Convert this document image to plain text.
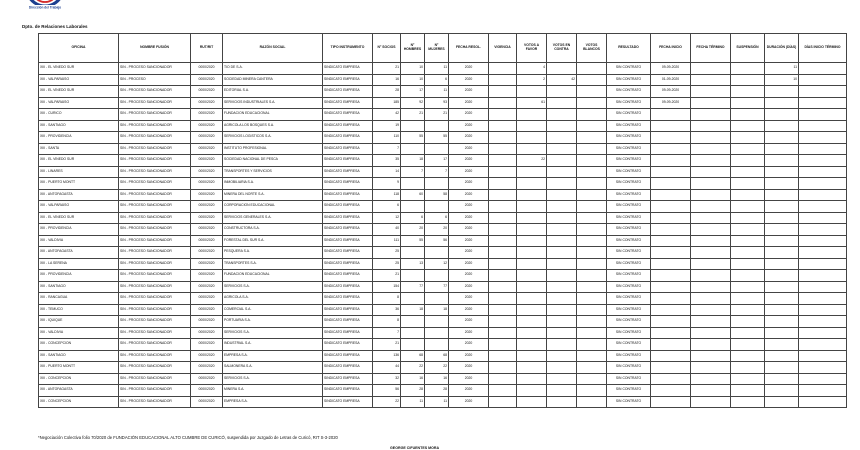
Dirección del Trabajo
Dpto. de Relaciones Laborales
OFICINA	NOMBRE FUSIÓN	RUT/RIT	RAZÓN SOCIAL	TIPO INSTRUMENTO	N° SOCIOS	N° HOMBRES	N° MUJERES	FECHA RESOL.	VIGENCIA	VOTOS A FAVOR	VOTOS EN CONTRA	VOTOS BLANCOS	RESULTADO	FECHA INICIO	FECHA TÉRMINO	SUSPENSIÓN	DURACIÓN (DÍAS)	DÍAS INICIO TÉRMINO
XIII - EL VINEDO SUR	SIN - PROCESO SANCIONADOR	0000/2020	TIO DE S.A.	SINDICATO EMPRESA	21	10	11	2020		4			SIN CONTRATO	09-09-2020			11	
XIII - VALPARAISO	SIN - PROCESO	0000/2020	SOCIEDAD MINERA CANTERA	SINDICATO EMPRESA	16	10	6	2020		2	42		SIN CONTRATO	01-09-2020			10	
XIII - EL VINEDO SUR	SIN - PROCESO SANCIONADOR	0000/2020	EDITORIAL S.A.	SINDICATO EMPRESA	28	17	11	2020					SIN CONTRATO	09-09-2020				
XIII - VALPARAISO	SIN - PROCESO SANCIONADOR	0000/2020	SERVICIOS INDUSTRIALES S.A.	SINDICATO EMPRESA	185	92	93	2020		61			SIN CONTRATO	09-09-2020				
XIII - CURICO	SIN - PROCESO SANCIONADOR	0000/2020	FUNDACION EDUCACIONAL	SINDICATO EMPRESA	42	21	21	2020					SIN CONTRATO					
XIII - SANTIAGO	SIN - PROCESO SANCIONADOR	0000/2020	AGRICOLA LOS BOSQUES S.A.	SINDICATO EMPRESA	19			2020					SIN CONTRATO					
XIII - PROVIDENCIA	SIN - PROCESO SANCIONADOR	0000/2020	SERVICIOS LOGISTICOS S.A.	SINDICATO EMPRESA	110	55	55	2020					SIN CONTRATO					
XIII - SANTA	SIN - PROCESO SANCIONADOR	0000/2020	INSTITUTO PROFESIONAL	SINDICATO EMPRESA	7			2020					SIN CONTRATO					
XIII - EL VINEDO SUR	SIN - PROCESO SANCIONADOR	0000/2020	SOCIEDAD NACIONAL DE PESCA	SINDICATO EMPRESA	35	18	17	2020		22			SIN CONTRATO					
XIII - LINARES	SIN - PROCESO SANCIONADOR	0000/2020	TRANSPORTES Y SERVICIOS	SINDICATO EMPRESA	14	7	7	2020					SIN CONTRATO					
XIII - PUERTO MONTT	SIN - PROCESO SANCIONADOR	0000/2020	INMOBILIARIA S.A.	SINDICATO EMPRESA	9			2020					SIN CONTRATO					
XIII - ANTOFAGASTA	SIN - PROCESO SANCIONADOR	0000/2020	MINERA DEL NORTE S.A.	SINDICATO EMPRESA	118	60	58	2020					SIN CONTRATO					
XIII - VALPARAISO	SIN - PROCESO SANCIONADOR	0000/2020	CORPORACION EDUCACIONAL	SINDICATO EMPRESA	6			2020					SIN CONTRATO					
XIII - EL VINEDO SUR	SIN - PROCESO SANCIONADOR	0000/2020	SERVICIOS GENERALES S.A.	SINDICATO EMPRESA	12	6	6	2020					SIN CONTRATO					
XIII - PROVIDENCIA	SIN - PROCESO SANCIONADOR	0000/2020	CONSTRUCTORA S.A.	SINDICATO EMPRESA	40	20	20	2020					SIN CONTRATO					
XIII - VALDIVIA	SIN - PROCESO SANCIONADOR	0000/2020	FORESTAL DEL SUR S.A.	SINDICATO EMPRESA	111	55	56	2020					SIN CONTRATO					
XIII - ANTOFAGASTA	SIN - PROCESO SANCIONADOR	0000/2020	PESQUERA S.A.	SINDICATO EMPRESA	25			2020					SIN CONTRATO					
XIII - LA SERENA	SIN - PROCESO SANCIONADOR	0000/2020	TRANSPORTES S.A.	SINDICATO EMPRESA	25	13	12	2020					SIN CONTRATO					
XIII - PROVIDENCIA	SIN - PROCESO SANCIONADOR	0000/2020	FUNDACION EDUCACIONAL	SINDICATO EMPRESA	21			2020					SIN CONTRATO					
XIII - SANTIAGO	SIN - PROCESO SANCIONADOR	0000/2020	SERVICIOS S.A.	SINDICATO EMPRESA	154	77	77	2020					SIN CONTRATO					
XIII - RANCAGUA	SIN - PROCESO SANCIONADOR	0000/2020	AGRICOLA S.A.	SINDICATO EMPRESA	8			2020					SIN CONTRATO					
XIII - TEMUCO	SIN - PROCESO SANCIONADOR	0000/2020	COMERCIAL S.A.	SINDICATO EMPRESA	36	18	18	2020					SIN CONTRATO					
XIII - IQUIQUE	SIN - PROCESO SANCIONADOR	0000/2020	PORTUARIA S.A.	SINDICATO EMPRESA	8			2020					SIN CONTRATO					
XIII - VALDIVIA	SIN - PROCESO SANCIONADOR	0000/2020	SERVICIOS S.A.	SINDICATO EMPRESA	7			2020					SIN CONTRATO					
XIII - CONCEPCION	SIN - PROCESO SANCIONADOR	0000/2020	INDUSTRIAL S.A.	SINDICATO EMPRESA	21			2020					SIN CONTRATO					
XIII - SANTIAGO	SIN - PROCESO SANCIONADOR	0000/2020	EMPRESA S.A.	SINDICATO EMPRESA	136	68	68	2020					SIN CONTRATO					
XIII - PUERTO MONTT	SIN - PROCESO SANCIONADOR	0000/2020	SALMONERA S.A.	SINDICATO EMPRESA	44	22	22	2020					SIN CONTRATO					
XIII - CONCEPCION	SIN - PROCESO SANCIONADOR	0000/2020	SERVICIOS S.A.	SINDICATO EMPRESA	32	16	16	2020					SIN CONTRATO					
XIII - ANTOFAGASTA	SIN - PROCESO SANCIONADOR	0000/2020	MINERA S.A.	SINDICATO EMPRESA	56	28	28	2020					SIN CONTRATO					
XIII - CONCEPCION	SIN - PROCESO SANCIONADOR	0000/2020	EMPRESA S.A.	SINDICATO EMPRESA	22	11	11	2020					SIN CONTRATO					
*Negociación Colectiva folio 70/2020 de FUNDACIÓN EDUCACIONAL ALTO CUMBRE DE CURICÓ, suspendida por Juzgado de Letras de Curicó, RIT S-3-2020
GEORGE CIFUENTES MORA
